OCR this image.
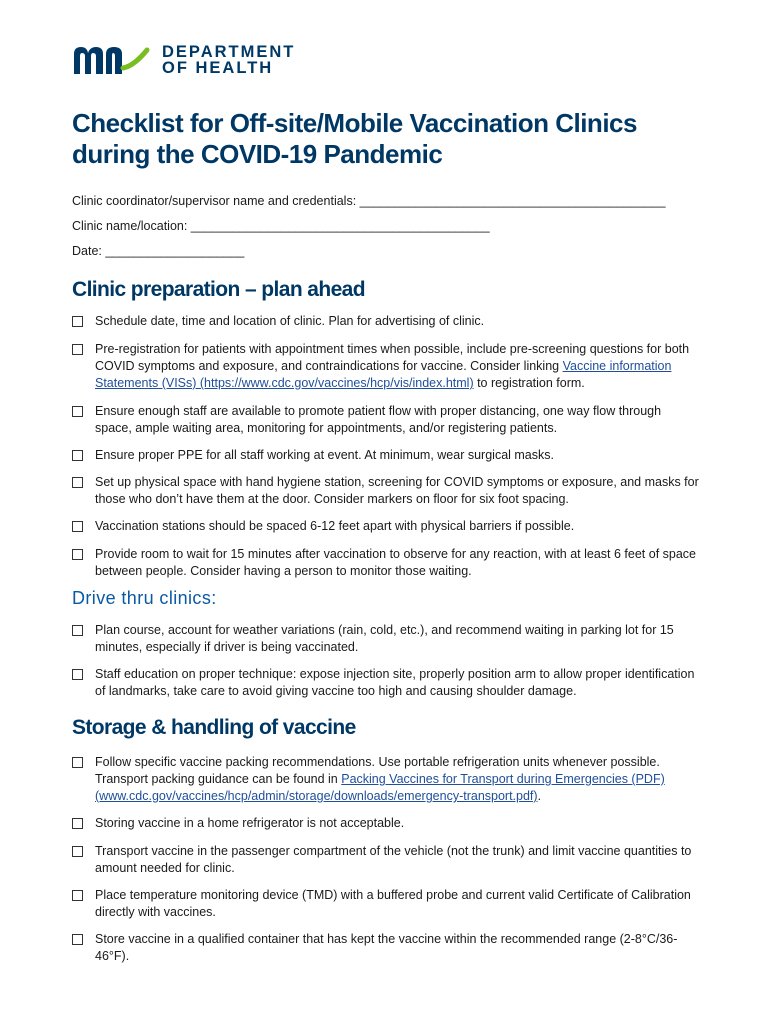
DEPARTMENT
OF HEALTH
Checklist for Off-site/Mobile Vaccination Clinics
during the COVID-19 Pandemic
Clinic coordinator/supervisor name and credentials: ____________________________________________
Clinic name/location: ___________________________________________
Date: ____________________
Clinic preparation – plan ahead
Schedule date, time and location of clinic. Plan for advertising of clinic.
Pre-registration for patients with appointment times when possible, include pre-screening questions for both COVID symptoms and exposure, and contraindications for vaccine. Consider linking Vaccine information Statements (VISs) (https://www.cdc.gov/vaccines/hcp/vis/index.html) to registration form.
Ensure enough staff are available to promote patient flow with proper distancing, one way flow through space, ample waiting area, monitoring for appointments, and/or registering patients.
Ensure proper PPE for all staff working at event. At minimum, wear surgical masks.
Set up physical space with hand hygiene station, screening for COVID symptoms or exposure, and masks for those who don’t have them at the door. Consider markers on floor for six foot spacing.
Vaccination stations should be spaced 6-12 feet apart with physical barriers if possible.
Provide room to wait for 15 minutes after vaccination to observe for any reaction, with at least 6 feet of space between people. Consider having a person to monitor those waiting.
Drive thru clinics:
Plan course, account for weather variations (rain, cold, etc.), and recommend waiting in parking lot for 15 minutes, especially if driver is being vaccinated.
Staff education on proper technique: expose injection site, properly position arm to allow proper identification of landmarks, take care to avoid giving vaccine too high and causing shoulder damage.
Storage & handling of vaccine
Follow specific vaccine packing recommendations. Use portable refrigeration units whenever possible. Transport packing guidance can be found in Packing Vaccines for Transport during Emergencies (PDF) (www.cdc.gov/vaccines/hcp/admin/storage/downloads/emergency-transport.pdf).
Storing vaccine in a home refrigerator is not acceptable.
Transport vaccine in the passenger compartment of the vehicle (not the trunk) and limit vaccine quantities to amount needed for clinic.
Place temperature monitoring device (TMD) with a buffered probe and current valid Certificate of Calibration directly with vaccines.
Store vaccine in a qualified container that has kept the vaccine within the recommended range (2-8°C/36-46°F).
